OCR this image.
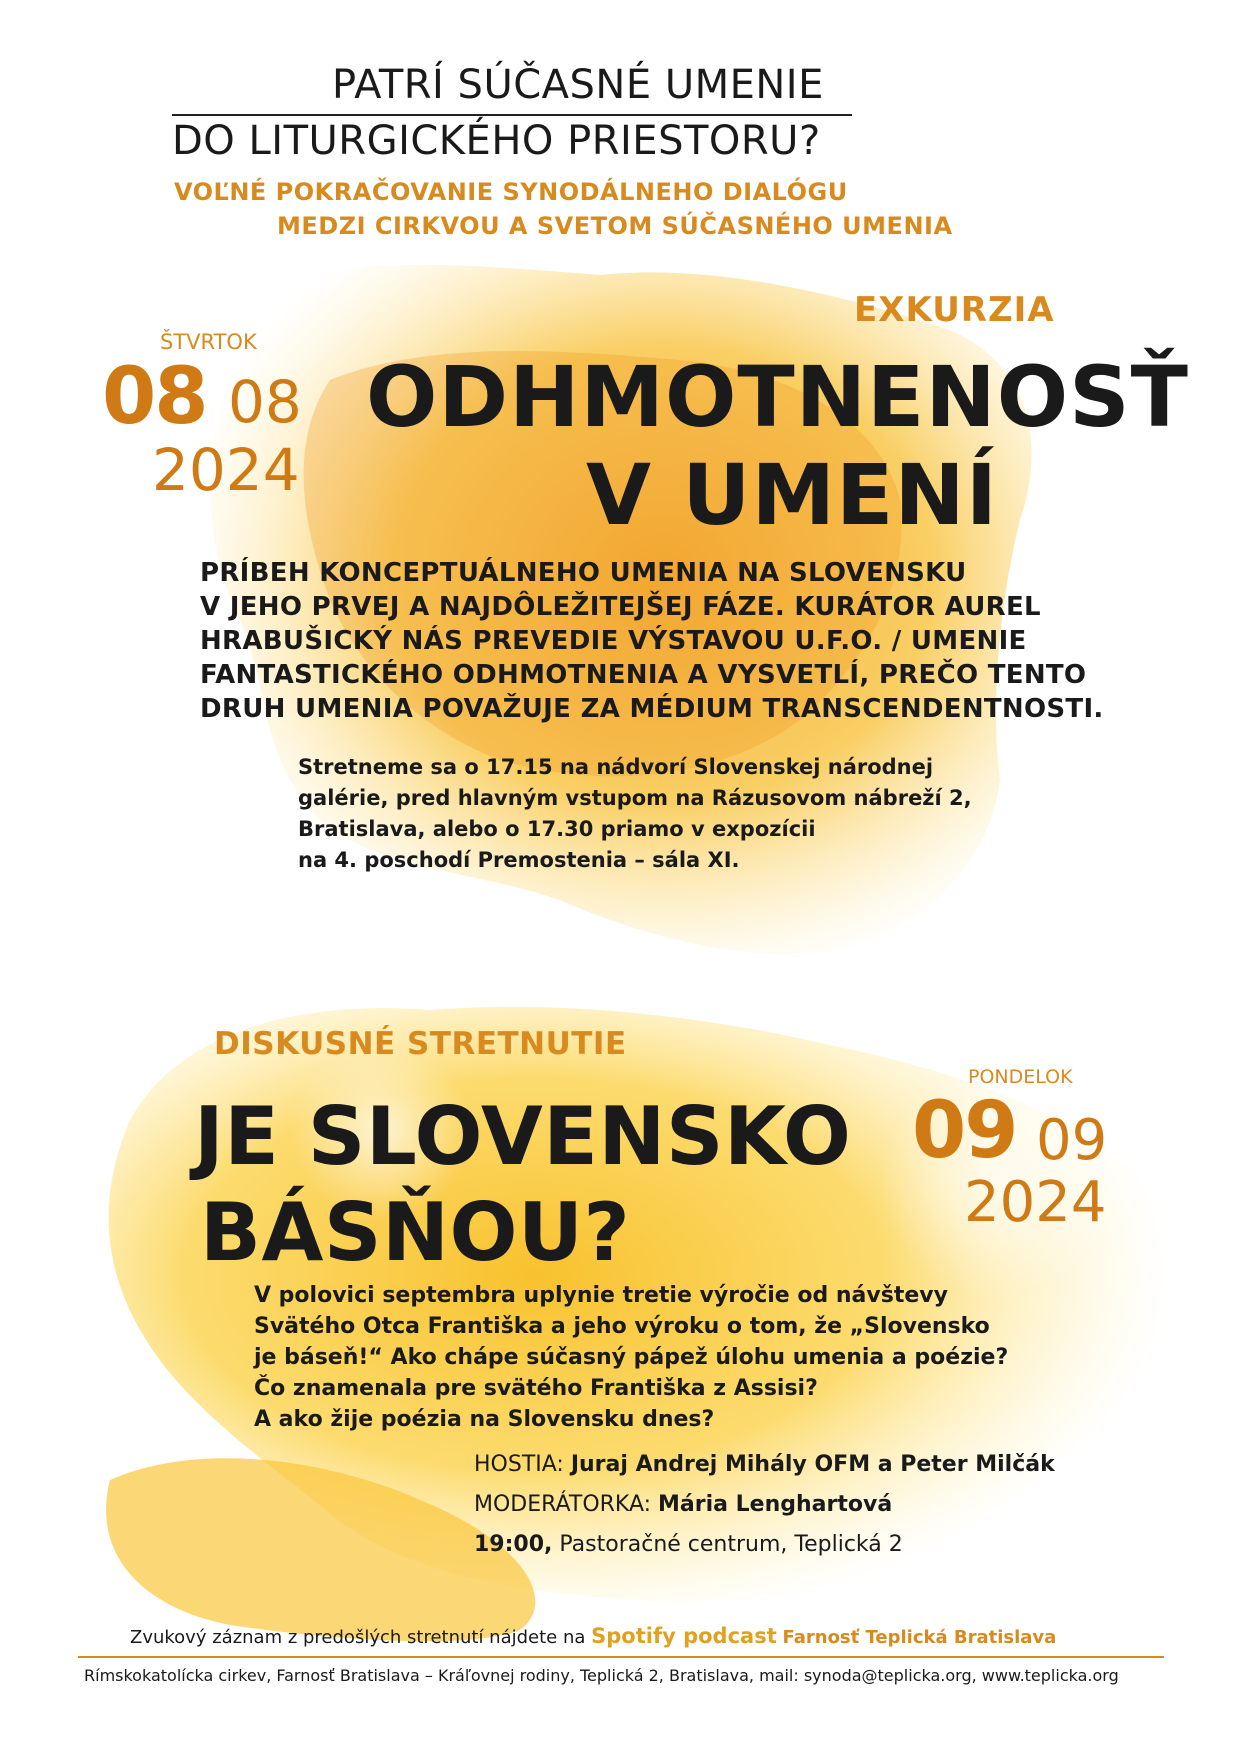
PATRÍ SÚČASNÉ UMENIE
DO LITURGICKÉHO PRIESTORU?
VOĽNÉ POKRAČOVANIE SYNODÁLNEHO DIALÓGU
MEDZI CIRKVOU A SVETOM SÚČASNÉHO UMENIA
EXKURZIA
ŠTVRTOK
08 08
2024
ODHMOTNENOSŤ
V UMENÍ
PRÍBEH KONCEPTUÁLNEHO UMENIA NA SLOVENSKU
V JEHO PRVEJ A NAJDÔLEŽITEJŠEJ FÁZE. KURÁTOR AUREL
HRABUŠICKÝ NÁS PREVEDIE VÝSTAVOU U.F.O. / UMENIE
FANTASTICKÉHO ODHMOTNENIA A VYSVETLÍ, PREČO TENTO
DRUH UMENIA POVAŽUJE ZA MÉDIUM TRANSCENDENTNOSTI.
Stretneme sa o 17.15 na nádvorí Slovenskej národnej
galérie, pred hlavným vstupom na Rázusovom nábreží 2,
Bratislava, alebo o 17.30 priamo v expozícii
na 4. poschodí Premostenia – sála XI.
DISKUSNÉ STRETNUTIE
PONDELOK
09 09
2024
JE SLOVENSKO
BÁSŇOU?
V polovici septembra uplynie tretie výročie od návštevy
Svätého Otca Františka a jeho výroku o tom, že „Slovensko
je báseň!“ Ako chápe súčasný pápež úlohu umenia a poézie?
Čo znamenala pre svätého Františka z Assisi?
A ako žije poézia na Slovensku dnes?
HOSTIA: Juraj Andrej Mihály OFM a Peter Milčák
MODERÁTORKA: Mária Lenghartová
19:00, Pastoračné centrum, Teplická 2
Zvukový záznam z predošlých stretnutí nájdete na Spotify podcast Farnosť Teplická Bratislava
Rímskokatolícka cirkev, Farnosť Bratislava – Kráľovnej rodiny, Teplická 2, Bratislava, mail: synoda@teplicka.org, www.teplicka.org
